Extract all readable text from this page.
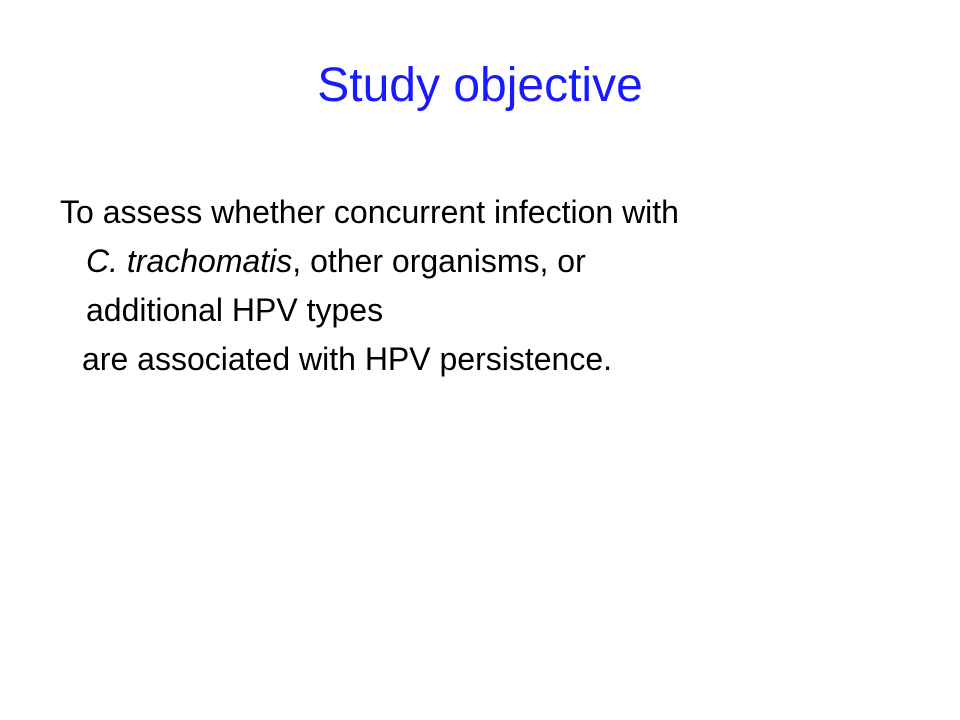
Study objective
To assess whether concurrent infection with
C. trachomatis, other organisms, or
additional HPV types
are associated with HPV persistence.
